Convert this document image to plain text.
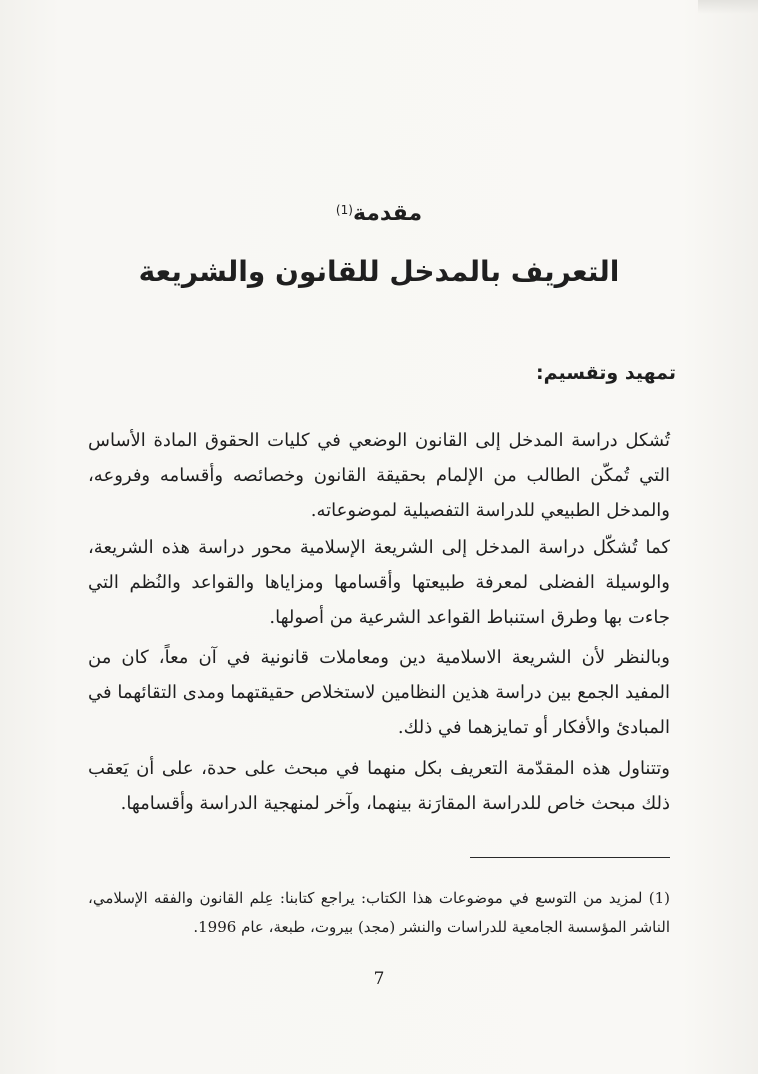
مقدمة$^{(1)}$
التعريف بالمدخل للقانون والشريعة
تمهيد وتقسيم:

تُشكل دراسة المدخل إلى القانون الوضعي في كليات الحقوق المادة الأساس التي تُمكّن الطالب من الإلمام بحقيقة القانون وخصائصه وأقسامه وفروعه، والمدخل الطبيعي للدراسة التفصيلية لموضوعاته.

كما تُشكّل دراسة المدخل إلى الشريعة الإسلامية محور دراسة هذه الشريعة، والوسيلة الفضلى لمعرفة طبيعتها وأقسامها ومزاياها والقواعد والنُظم التي جاءت بها وطرق استنباط القواعد الشرعية من أصولها.

وبالنظر لأن الشريعة الاسلامية دين ومعاملات قانونية في آن معاً، كان من المفيد الجمع بين دراسة هذين النظامين لاستخلاص حقيقتهما ومدى التقائهما في المبادئ والأفكار أو تمايزهما في ذلك.

وتتناول هذه المقدّمة التعريف بكل منهما في مبحث على حدة، على أن يَعقب ذلك مبحث خاص للدراسة المقارَنة بينهما، وآخر لمنهجية الدراسة وأقسامها.

(1) لمزيد من التوسع في موضوعات هذا الكتاب: يراجع كتابنا: عِلم القانون والفقه الإسلامي، الناشر المؤسسة الجامعية للدراسات والنشر (مجد) بيروت، طبعة، عام 1996.

7
